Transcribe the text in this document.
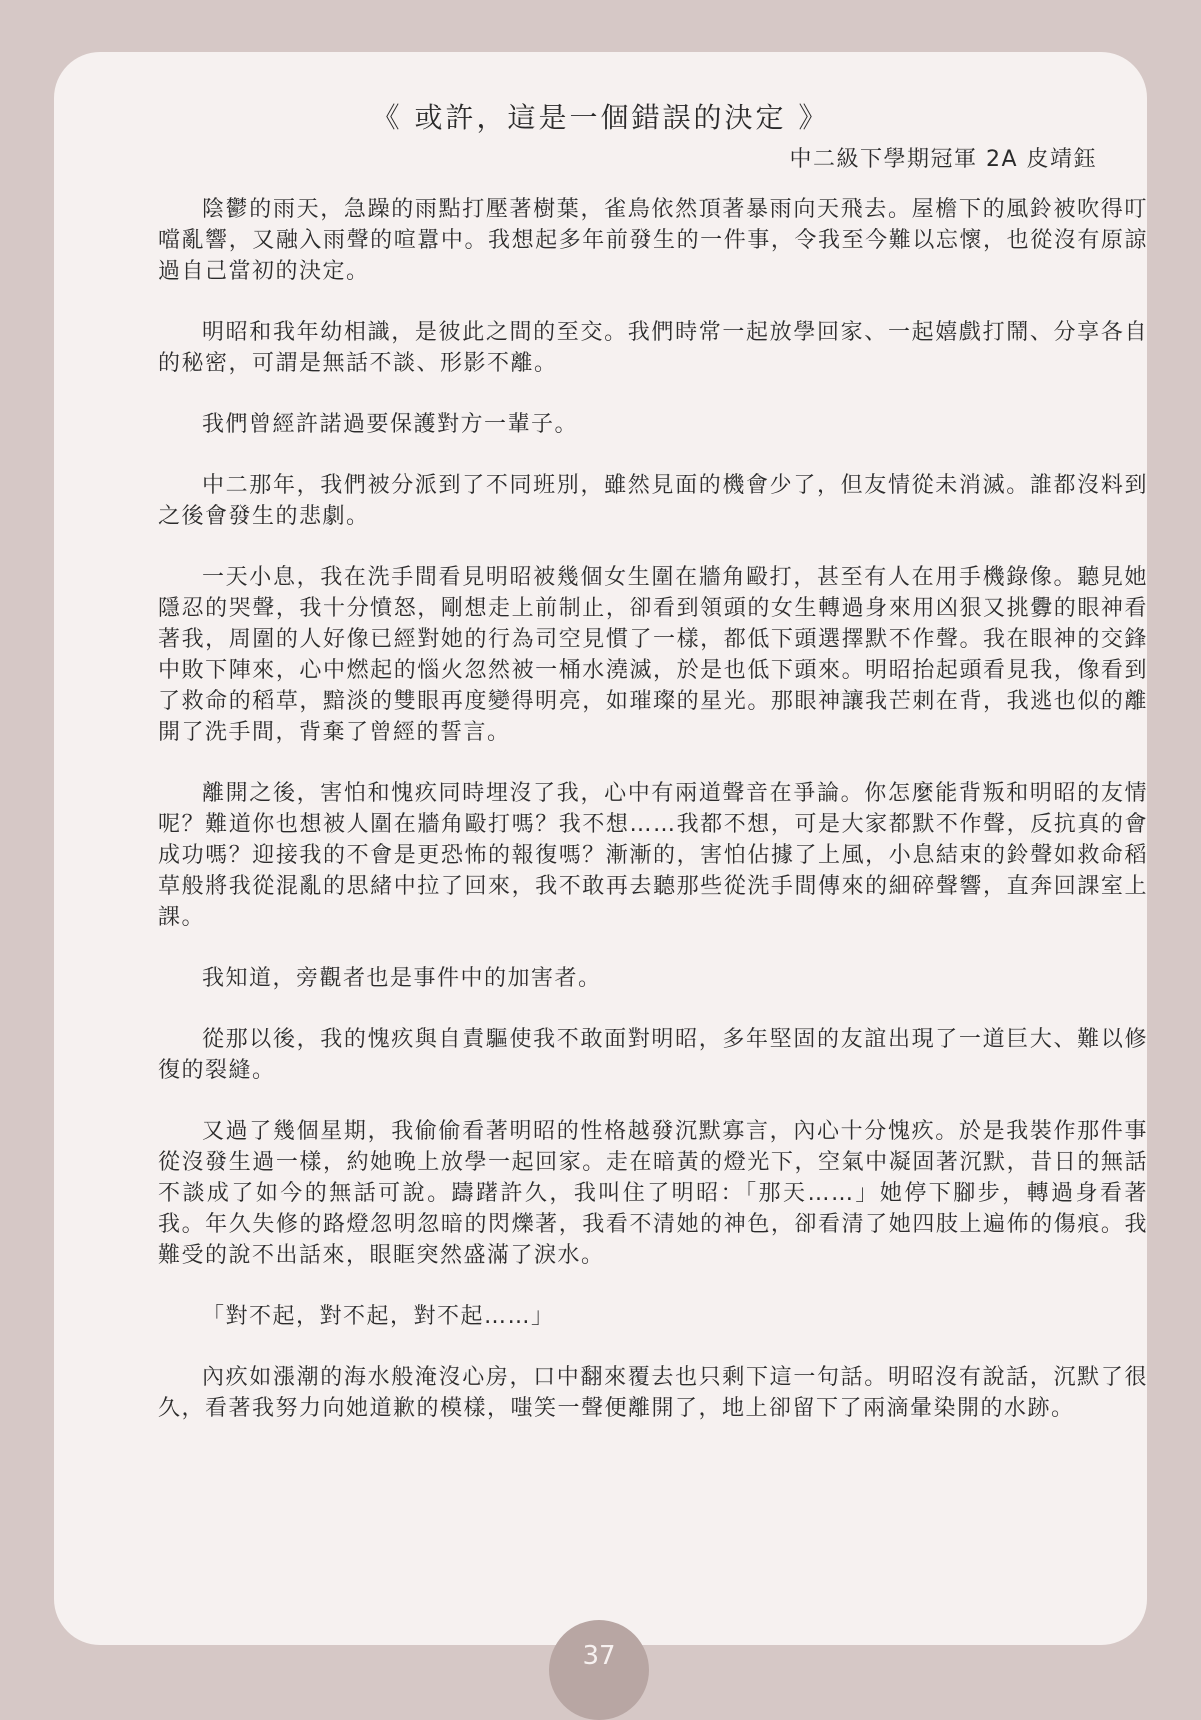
《 或許，這是一個錯誤的決定 》
中二級下學期冠軍 2A 皮靖鈺

陰鬱的雨天，急躁的雨點打壓著樹葉，雀鳥依然頂著暴雨向天飛去。屋檐下的風鈴被吹得叮噹亂響，又融入雨聲的喧囂中。我想起多年前發生的一件事，令我至今難以忘懷，也從沒有原諒過自己當初的決定。

明昭和我年幼相識，是彼此之間的至交。我們時常一起放學回家、一起嬉戲打鬧、分享各自的秘密，可謂是無話不談、形影不離。

我們曾經許諾過要保護對方一輩子。

中二那年，我們被分派到了不同班別，雖然見面的機會少了，但友情從未消滅。誰都沒料到之後會發生的悲劇。

一天小息，我在洗手間看見明昭被幾個女生圍在牆角毆打，甚至有人在用手機錄像。聽見她隱忍的哭聲，我十分憤怒，剛想走上前制止，卻看到領頭的女生轉過身來用凶狠又挑釁的眼神看著我，周圍的人好像已經對她的行為司空見慣了一樣，都低下頭選擇默不作聲。我在眼神的交鋒中敗下陣來，心中燃起的惱火忽然被一桶水澆滅，於是也低下頭來。明昭抬起頭看見我，像看到了救命的稻草，黯淡的雙眼再度變得明亮，如璀璨的星光。那眼神讓我芒刺在背，我逃也似的離開了洗手間，背棄了曾經的誓言。

離開之後，害怕和愧疚同時埋沒了我，心中有兩道聲音在爭論。你怎麼能背叛和明昭的友情呢？難道你也想被人圍在牆角毆打嗎？我不想……我都不想，可是大家都默不作聲，反抗真的會成功嗎？迎接我的不會是更恐怖的報復嗎？漸漸的，害怕佔據了上風，小息結束的鈴聲如救命稻草般將我從混亂的思緒中拉了回來，我不敢再去聽那些從洗手間傳來的細碎聲響，直奔回課室上課。

我知道，旁觀者也是事件中的加害者。

從那以後，我的愧疚與自責驅使我不敢面對明昭，多年堅固的友誼出現了一道巨大、難以修復的裂縫。

又過了幾個星期，我偷偷看著明昭的性格越發沉默寡言，內心十分愧疚。於是我裝作那件事從沒發生過一樣，約她晚上放學一起回家。走在暗黃的燈光下，空氣中凝固著沉默，昔日的無話不談成了如今的無話可說。躊躇許久，我叫住了明昭：「那天……」她停下腳步，轉過身看著我。年久失修的路燈忽明忽暗的閃爍著，我看不清她的神色，卻看清了她四肢上遍佈的傷痕。我難受的說不出話來，眼眶突然盛滿了淚水。

「對不起，對不起，對不起……」

內疚如漲潮的海水般淹沒心房，口中翻來覆去也只剩下這一句話。明昭沒有說話，沉默了很久，看著我努力向她道歉的模樣，嗤笑一聲便離開了，地上卻留下了兩滴暈染開的水跡。

37
